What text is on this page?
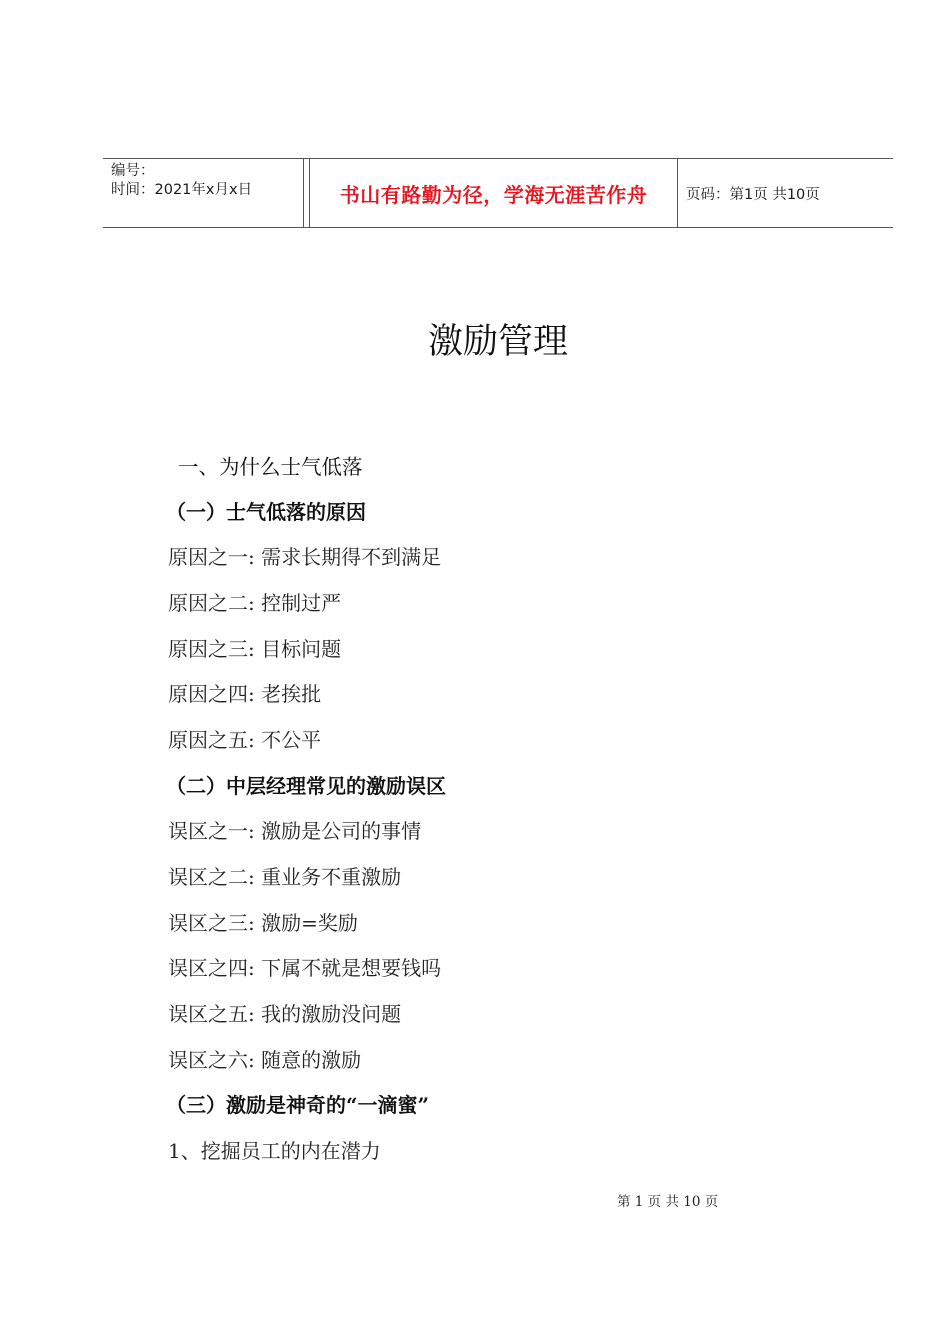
编号：
时间：2021年x月x日	书山有路勤为径，学海无涯苦作舟	页码：第1页 共10页
激励管理
一、为什么士气低落
（一）士气低落的原因
原因之一: 需求长期得不到满足
原因之二: 控制过严
原因之三: 目标问题
原因之四: 老挨批
原因之五: 不公平
（二）中层经理常见的激励误区
误区之一: 激励是公司的事情
误区之二: 重业务不重激励
误区之三: 激励=奖励
误区之四: 下属不就是想要钱吗
误区之五: 我的激励没问题
误区之六: 随意的激励
（三）激励是神奇的“一滴蜜”
1、挖掘员工的内在潜力
第 1 页 共 10 页
